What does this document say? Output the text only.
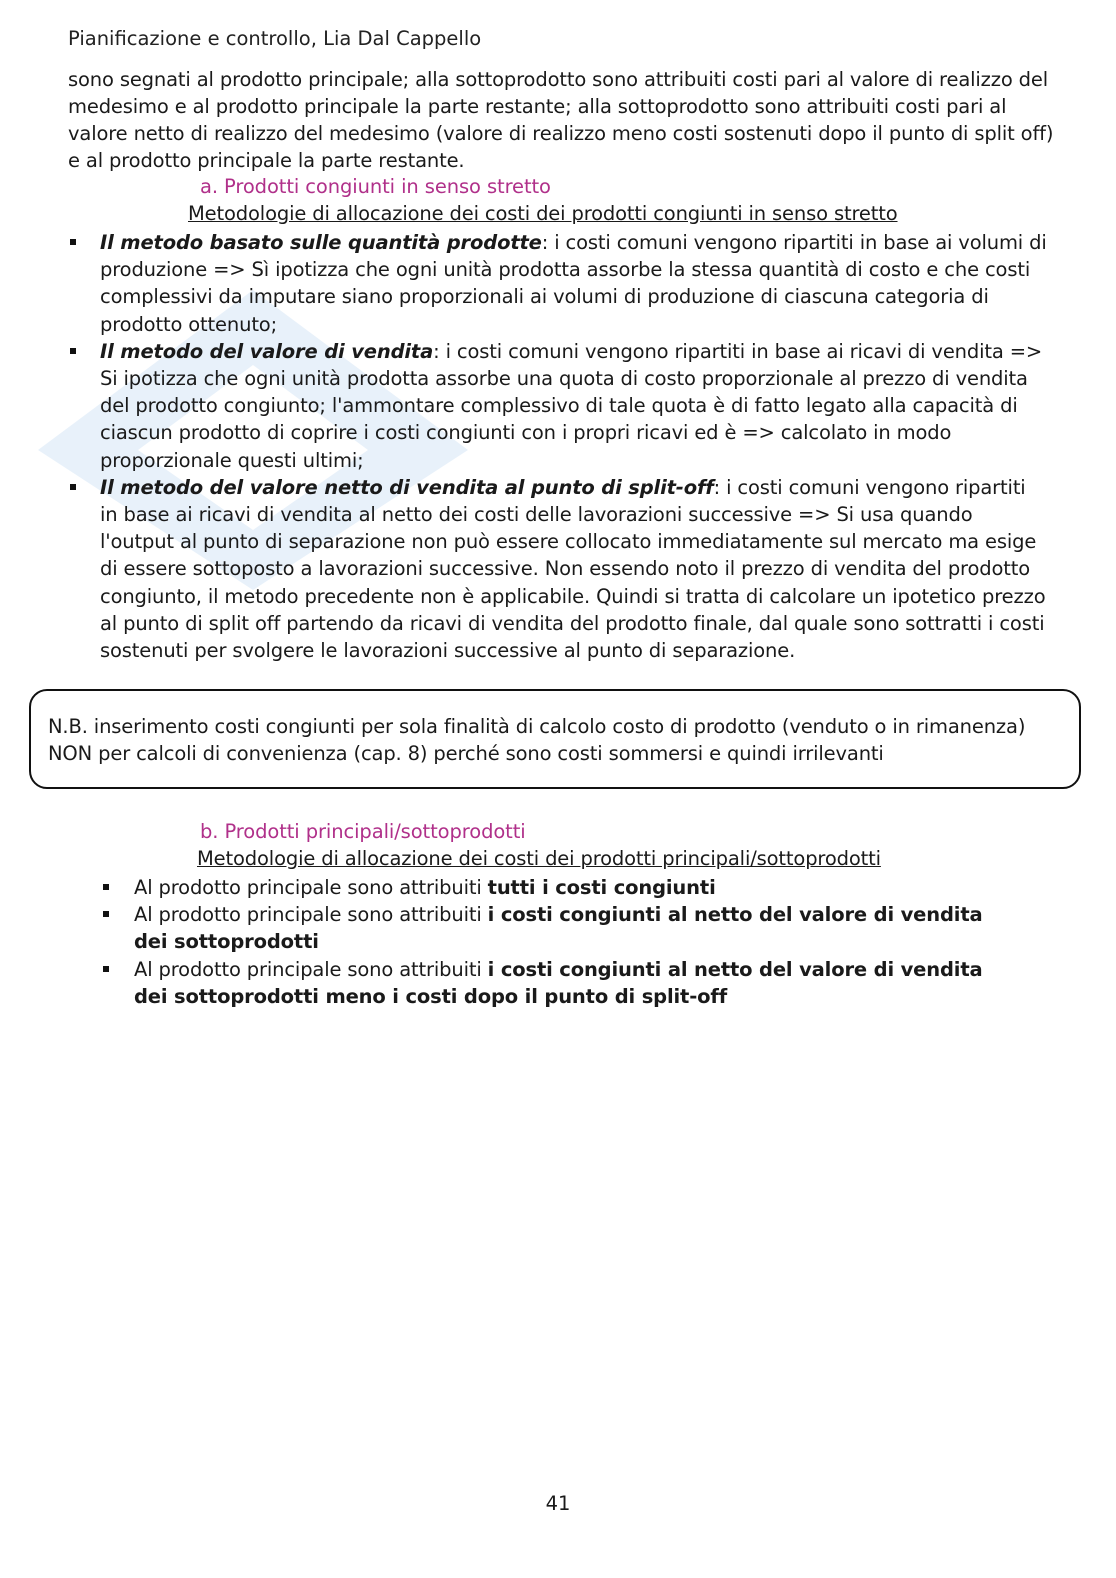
Pianificazione e controllo, Lia Dal Cappello
sono segnati al prodotto principale; alla sottoprodotto sono attribuiti costi pari al valore di realizzo del medesimo e al prodotto principale la parte restante; alla sottoprodotto sono attribuiti costi pari al valore netto di realizzo del medesimo (valore di realizzo meno costi sostenuti dopo il punto di split off) e al prodotto principale la parte restante.
a. Prodotti congiunti in senso stretto
Metodologie di allocazione dei costi dei prodotti congiunti in senso stretto
Il metodo basato sulle quantità prodotte: i costi comuni vengono ripartiti in base ai volumi di produzione => Sì ipotizza che ogni unità prodotta assorbe la stessa quantità di costo e che costi complessivi da imputare siano proporzionali ai volumi di produzione di ciascuna categoria di prodotto ottenuto;
Il metodo del valore di vendita: i costi comuni vengono ripartiti in base ai ricavi di vendita => Si ipotizza che ogni unità prodotta assorbe una quota di costo proporzionale al prezzo di vendita del prodotto congiunto; l'ammontare complessivo di tale quota è di fatto legato alla capacità di ciascun prodotto di coprire i costi congiunti con i propri ricavi ed è => calcolato in modo proporzionale questi ultimi;
Il metodo del valore netto di vendita al punto di split-off: i costi comuni vengono ripartiti in base ai ricavi di vendita al netto dei costi delle lavorazioni successive => Si usa quando l'output al punto di separazione non può essere collocato immediatamente sul mercato ma esige di essere sottoposto a lavorazioni successive. Non essendo noto il prezzo di vendita del prodotto congiunto, il metodo precedente non è applicabile. Quindi si tratta di calcolare un ipotetico prezzo al punto di split off partendo da ricavi di vendita del prodotto finale, dal quale sono sottratti i costi sostenuti per svolgere le lavorazioni successive al punto di separazione.
N.B. inserimento costi congiunti per sola finalità di calcolo costo di prodotto (venduto o in rimanenza)
NON per calcoli di convenienza (cap. 8) perché sono costi sommersi e quindi irrilevanti
b. Prodotti principali/sottoprodotti
Metodologie di allocazione dei costi dei prodotti principali/sottoprodotti
Al prodotto principale sono attribuiti tutti i costi congiunti
Al prodotto principale sono attribuiti i costi congiunti al netto del valore di vendita dei sottoprodotti
Al prodotto principale sono attribuiti i costi congiunti al netto del valore di vendita dei sottoprodotti meno i costi dopo il punto di split-off
41
